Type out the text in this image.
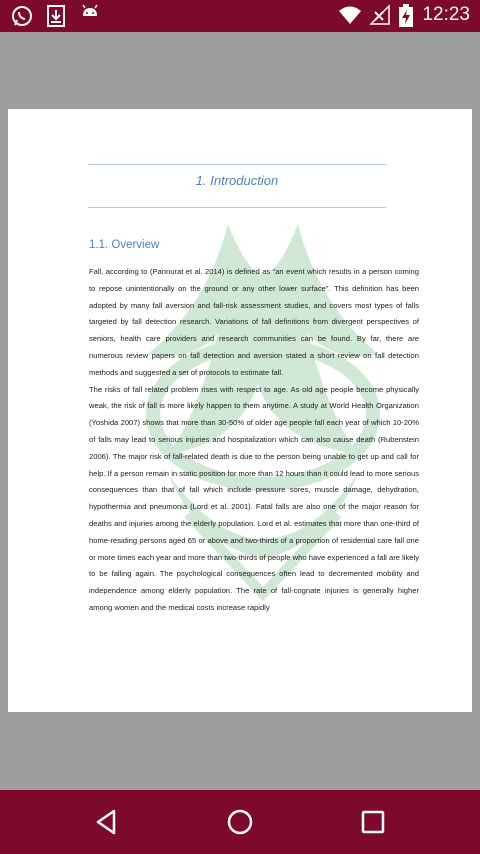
12:23
1. Introduction
1.1. Overview

Fall, according to (Pannurat et al. 2014) is defined as “an event which results in a person coming to repose unintentionally on the ground or any other lower surface”. This definition has been adopted by many fall aversion and fall-risk assessment studies, and covers most types of falls targeted by fall detection research. Variations of fall definitions from divergent perspectives of seniors, health care providers and research communities can be found. By far, there are numerous review papers on fall detection and aversion stated a short review on fall detection methods and suggested a set of protocols to estimate fall.

The risks of fall related problem rises with respect to age. As old age people become physically weak, the risk of fall is more likely happen to them anytime. A study at World Health Organization (Yoshida 2007) shows that more than 30-50% of older age people fall each year of which 10-20% of falls may lead to serious injuries and hospitalization which can also cause death (Rubenstein 2006). The major risk of fall-related death is due to the person being unable to get up and call for help. If a person remain in static position for more than 12 hours than it could lead to more serious consequences than that of fall which include pressure sores, muscle damage, dehydration, hypothermia and pneumonia (Lord et al. 2001). Fatal falls are also one of the major reason for deaths and injuries among the elderly population. Lord et al. estimates that more than one-third of home-residing persons aged 65 or above and two-thirds of a proportion of residential care fall one or more times each year and more than two-thirds of people who have experienced a fall are likely to be falling again. The psychological consequences often lead to decremented mobility and independence among elderly population. The rate of fall-cognate injuries is generally higher among women and the medical costs increase rapidly
